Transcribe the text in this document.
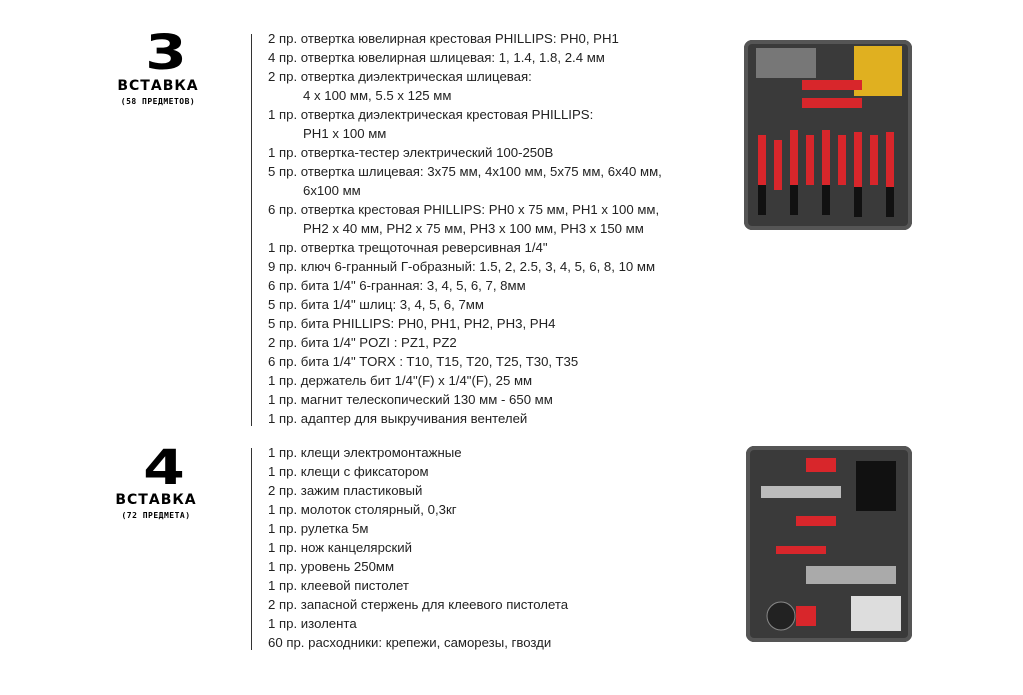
3
ВСТАВКА
(58 ПРЕДМЕТОВ)
2 пр. отвертка ювелирная крестовая PHILLIPS: PH0, PH1
4 пр. отвертка ювелирная шлицевая: 1, 1.4, 1.8, 2.4 мм
2 пр. отвертка диэлектрическая шлицевая:
4 x 100 мм, 5.5 x 125 мм
1 пр. отвертка диэлектрическая крестовая PHILLIPS:
PH1 x 100 мм
1 пр. отвертка-тестер электрический 100-250В
5 пр. отвертка шлицевая: 3x75 мм, 4x100 мм, 5x75 мм, 6x40 мм,
6x100 мм
6 пр. отвертка крестовая PHILLIPS: PH0 x 75 мм, PH1 x 100 мм,
PH2 x 40 мм, PH2 x 75 мм, PH3 x 100 мм, PH3 x 150 мм
1 пр. отвертка трещоточная реверсивная 1/4"
9 пр. ключ 6-гранный Г-образный: 1.5, 2, 2.5, 3, 4, 5, 6, 8, 10 мм
6 пр. бита 1/4" 6-гранная: 3, 4, 5, 6, 7, 8мм
5 пр. бита 1/4" шлиц: 3, 4, 5, 6, 7мм
5 пр. бита PHILLIPS: PH0, PH1, PH2, PH3, PH4
2 пр. бита 1/4" POZI : PZ1, PZ2
6 пр. бита 1/4" TORX : T10, T15, T20, T25, T30, T35
1 пр. держатель бит 1/4"(F) x 1/4"(F), 25 мм
1 пр. магнит телескопический 130 мм - 650 мм
1 пр. адаптер для выкручивания вентелей
4
ВСТАВКА
(72 ПРЕДМЕТА)
1 пр. клещи электромонтажные
1 пр. клещи с фиксатором
2 пр. зажим пластиковый
1 пр. молоток столярный, 0,3кг
1 пр. рулетка 5м
1 пр. нож канцелярский
1 пр. уровень 250мм
1 пр. клеевой пистолет
2 пр. запасной стержень для клеевого пистолета
1 пр. изолента
60 пр. расходники: крепежи, саморезы, гвозди
